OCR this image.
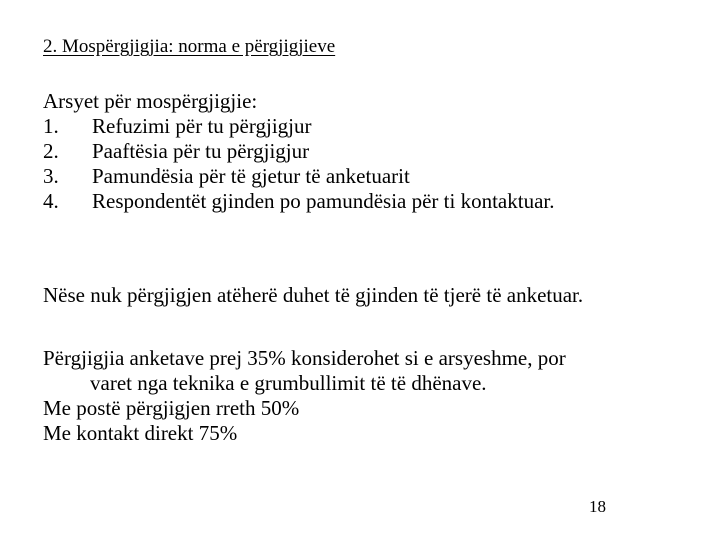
2. Mospërgjigjia: norma e përgjigjieve
Arsyet për mospërgjigjie:
1. Refuzimi për tu përgjigjur
2. Paaftësia për tu përgjigjur
3. Pamundësia për të gjetur të anketuarit
4. Respondentët gjinden po pamundësia për ti kontaktuar.
Nëse nuk përgjigjen atëherë duhet të gjinden të tjerë të anketuar.
Përgjigjia anketave prej 35% konsiderohet si e arsyeshme, por
varet nga teknika e grumbullimit të të dhënave.
Me postë përgjigjen rreth 50%
Me kontakt direkt 75%
18
